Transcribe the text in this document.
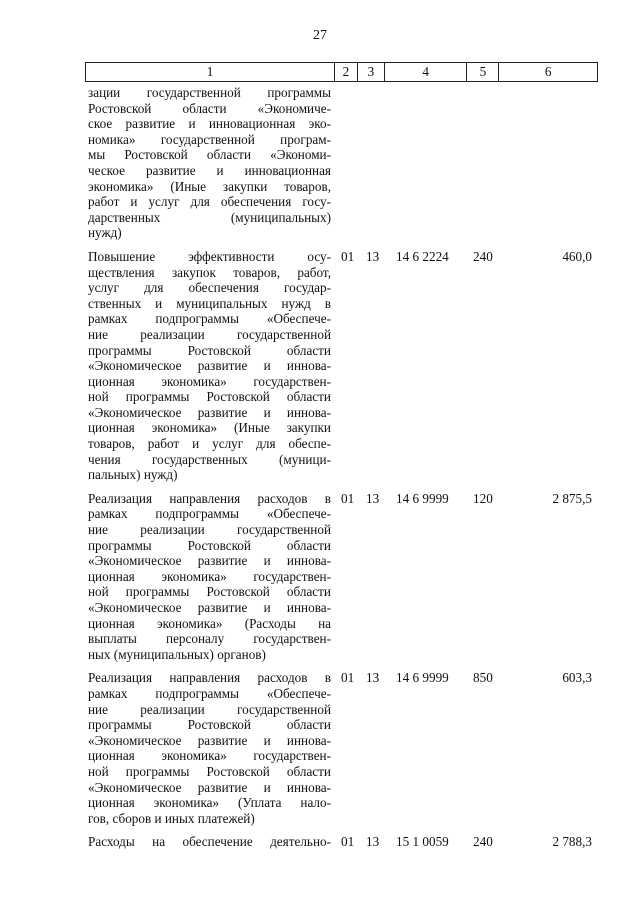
27
1	2	3	4	5	6
зации государственной программы
Ростовской области «Экономиче-
ское развитие и инновационная эко-
номика» государственной програм-
мы Ростовской области «Экономи-
ческое развитие и инновационная
экономика» (Иные закупки товаров,
работ и услуг для обеспечения госу-
дарственных (муниципальных)
нужд)
Повышение эффективности осу-
ществления закупок товаров, работ,
услуг для обеспечения государ-
ственных и муниципальных нужд в
рамках подпрограммы «Обеспече-
ние реализации государственной
программы Ростовской области
«Экономическое развитие и иннова-
ционная экономика» государствен-
ной программы Ростовской области
«Экономическое развитие и иннова-
ционная экономика» (Иные закупки
товаров, работ и услуг для обеспе-
чения государственных (муници-
пальных) нужд)
01 13	14 6 2224	240	460,0
Реализация направления расходов в
рамках подпрограммы «Обеспече-
ние реализации государственной
программы Ростовской области
«Экономическое развитие и иннова-
ционная экономика» государствен-
ной программы Ростовской области
«Экономическое развитие и иннова-
ционная экономика» (Расходы на
выплаты персоналу государствен-
ных (муниципальных) органов)
01 13	14 6 9999	120	2 875,5
Реализация направления расходов в
рамках подпрограммы «Обеспече-
ние реализации государственной
программы Ростовской области
«Экономическое развитие и иннова-
ционная экономика» государствен-
ной программы Ростовской области
«Экономическое развитие и иннова-
ционная экономика» (Уплата нало-
гов, сборов и иных платежей)
01 13	14 6 9999	850	603,3
Расходы на обеспечение деятельно- 01 13	15 1 0059	240	2 788,3
